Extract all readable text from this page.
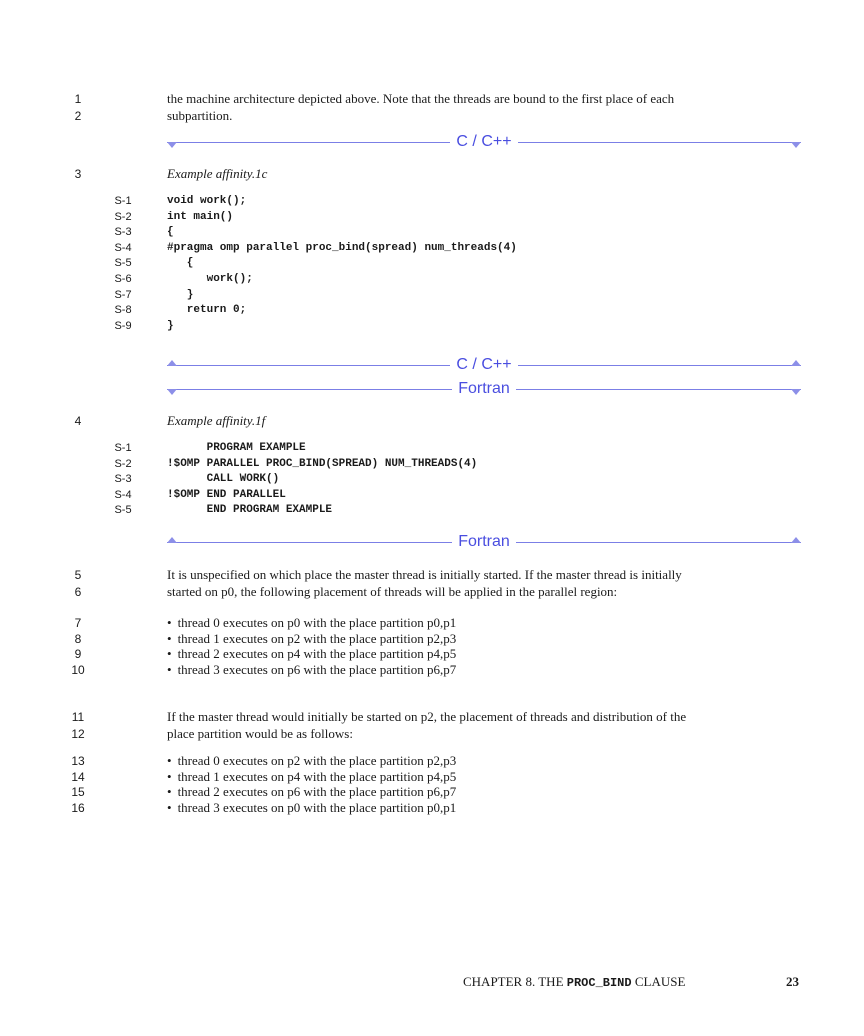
1	the machine architecture depicted above. Note that the threads are bound to the first place of each
2	subpartition.
C / C++
3	Example affinity.1c
S-1	void work();
S-2	int main()
S-3	{
S-4	#pragma omp parallel proc_bind(spread) num_threads(4)
S-5	{
S-6	work();
S-7	}
S-8	return 0;
S-9	}
C / C++
Fortran
4	Example affinity.1f
S-1	PROGRAM EXAMPLE
S-2	!$OMP PARALLEL PROC_BIND(SPREAD) NUM_THREADS(4)
S-3	CALL WORK()
S-4	!$OMP END PARALLEL
S-5	END PROGRAM EXAMPLE
Fortran
5	It is unspecified on which place the master thread is initially started. If the master thread is initially
6	started on p0, the following placement of threads will be applied in the parallel region:
7	• thread 0 executes on p0 with the place partition p0,p1
8	• thread 1 executes on p2 with the place partition p2,p3
9	• thread 2 executes on p4 with the place partition p4,p5
10	• thread 3 executes on p6 with the place partition p6,p7
11	If the master thread would initially be started on p2, the placement of threads and distribution of the
12	place partition would be as follows:
13	• thread 0 executes on p2 with the place partition p2,p3
14	• thread 1 executes on p4 with the place partition p4,p5
15	• thread 2 executes on p6 with the place partition p6,p7
16	• thread 3 executes on p0 with the place partition p0,p1
CHAPTER 8. THE PROC_BIND CLAUSE	23
